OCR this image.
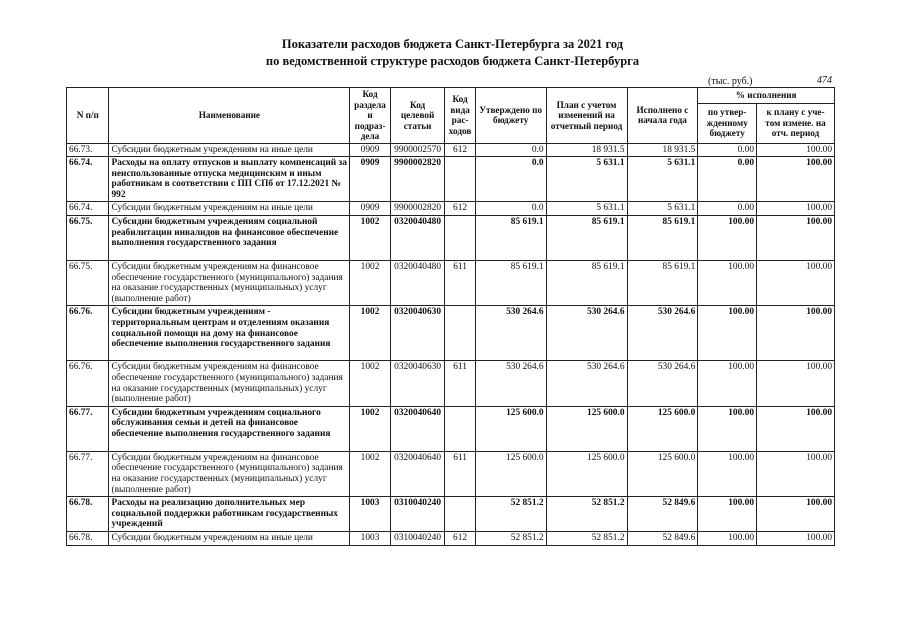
Показатели расходов бюджета Санкт-Петербурга за 2021 год
по ведомственной структуре расходов бюджета Санкт-Петербурга
(тыс. руб.)	474
N п/п	Наименование	Код раздела и подраз-дела	Код целевой статьи	Код вида рас-ходов	Утверждено по бюджету	План с учетом изменений на отчетный период	Исполнено с начала года	% исполнения	
								по утвер-жденному бюджету	к плану с уче-том измене. на отч. период
66.73.	Субсидии бюджетным учреждениям на иные цели	0909	9900002570	612	0.0	18 931.5	18 931.5	0.00	100.00
66.74.	Расходы на оплату отпусков и выплату компенсаций за неиспользованные отпуска медицинским и иным работникам в соответствии с ПП СПб от 17.12.2021 № 992	0909	9900002820		0.0	5 631.1	5 631.1	0.00	100.00
66.74.	Субсидии бюджетным учреждениям на иные цели	0909	9900002820	612	0.0	5 631.1	5 631.1	0.00	100.00
66.75.	Субсидии бюджетным учреждениям социальной реабилитации инвалидов на финансовое обеспечение выполнения государственного задания	1002	0320040480		85 619.1	85 619.1	85 619.1	100.00	100.00
66.75.	Субсидии бюджетным учреждениям на финансовое обеспечение государственного (муниципального) задания на оказание государственных (муниципальных) услуг (выполнение работ)	1002	0320040480	611	85 619.1	85 619.1	85 619.1	100.00	100.00
66.76.	Субсидии бюджетным учреждениям - территориальным центрам и отделениям оказания социальной помощи на дому на финансовое обеспечение выполнения государственного задания	1002	0320040630		530 264.6	530 264.6	530 264.6	100.00	100.00
66.76.	Субсидии бюджетным учреждениям на финансовое обеспечение государственного (муниципального) задания на оказание государственных (муниципальных) услуг (выполнение работ)	1002	0320040630	611	530 264.6	530 264.6	530 264.6	100.00	100.00
66.77.	Субсидии бюджетным учреждениям социального обслуживания семьи и детей на финансовое обеспечение выполнения государственного задания	1002	0320040640		125 600.0	125 600.0	125 600.0	100.00	100.00
66.77.	Субсидии бюджетным учреждениям на финансовое обеспечение государственного (муниципального) задания на оказание государственных (муниципальных) услуг (выполнение работ)	1002	0320040640	611	125 600.0	125 600.0	125 600.0	100.00	100.00
66.78.	Расходы на реализацию дополнительных мер социальной поддержки работникам государственных учреждений	1003	0310040240		52 851.2	52 851.2	52 849.6	100.00	100.00
66.78.	Субсидии бюджетным учреждениям на иные цели	1003	0310040240	612	52 851.2	52 851.2	52 849.6	100.00	100.00
